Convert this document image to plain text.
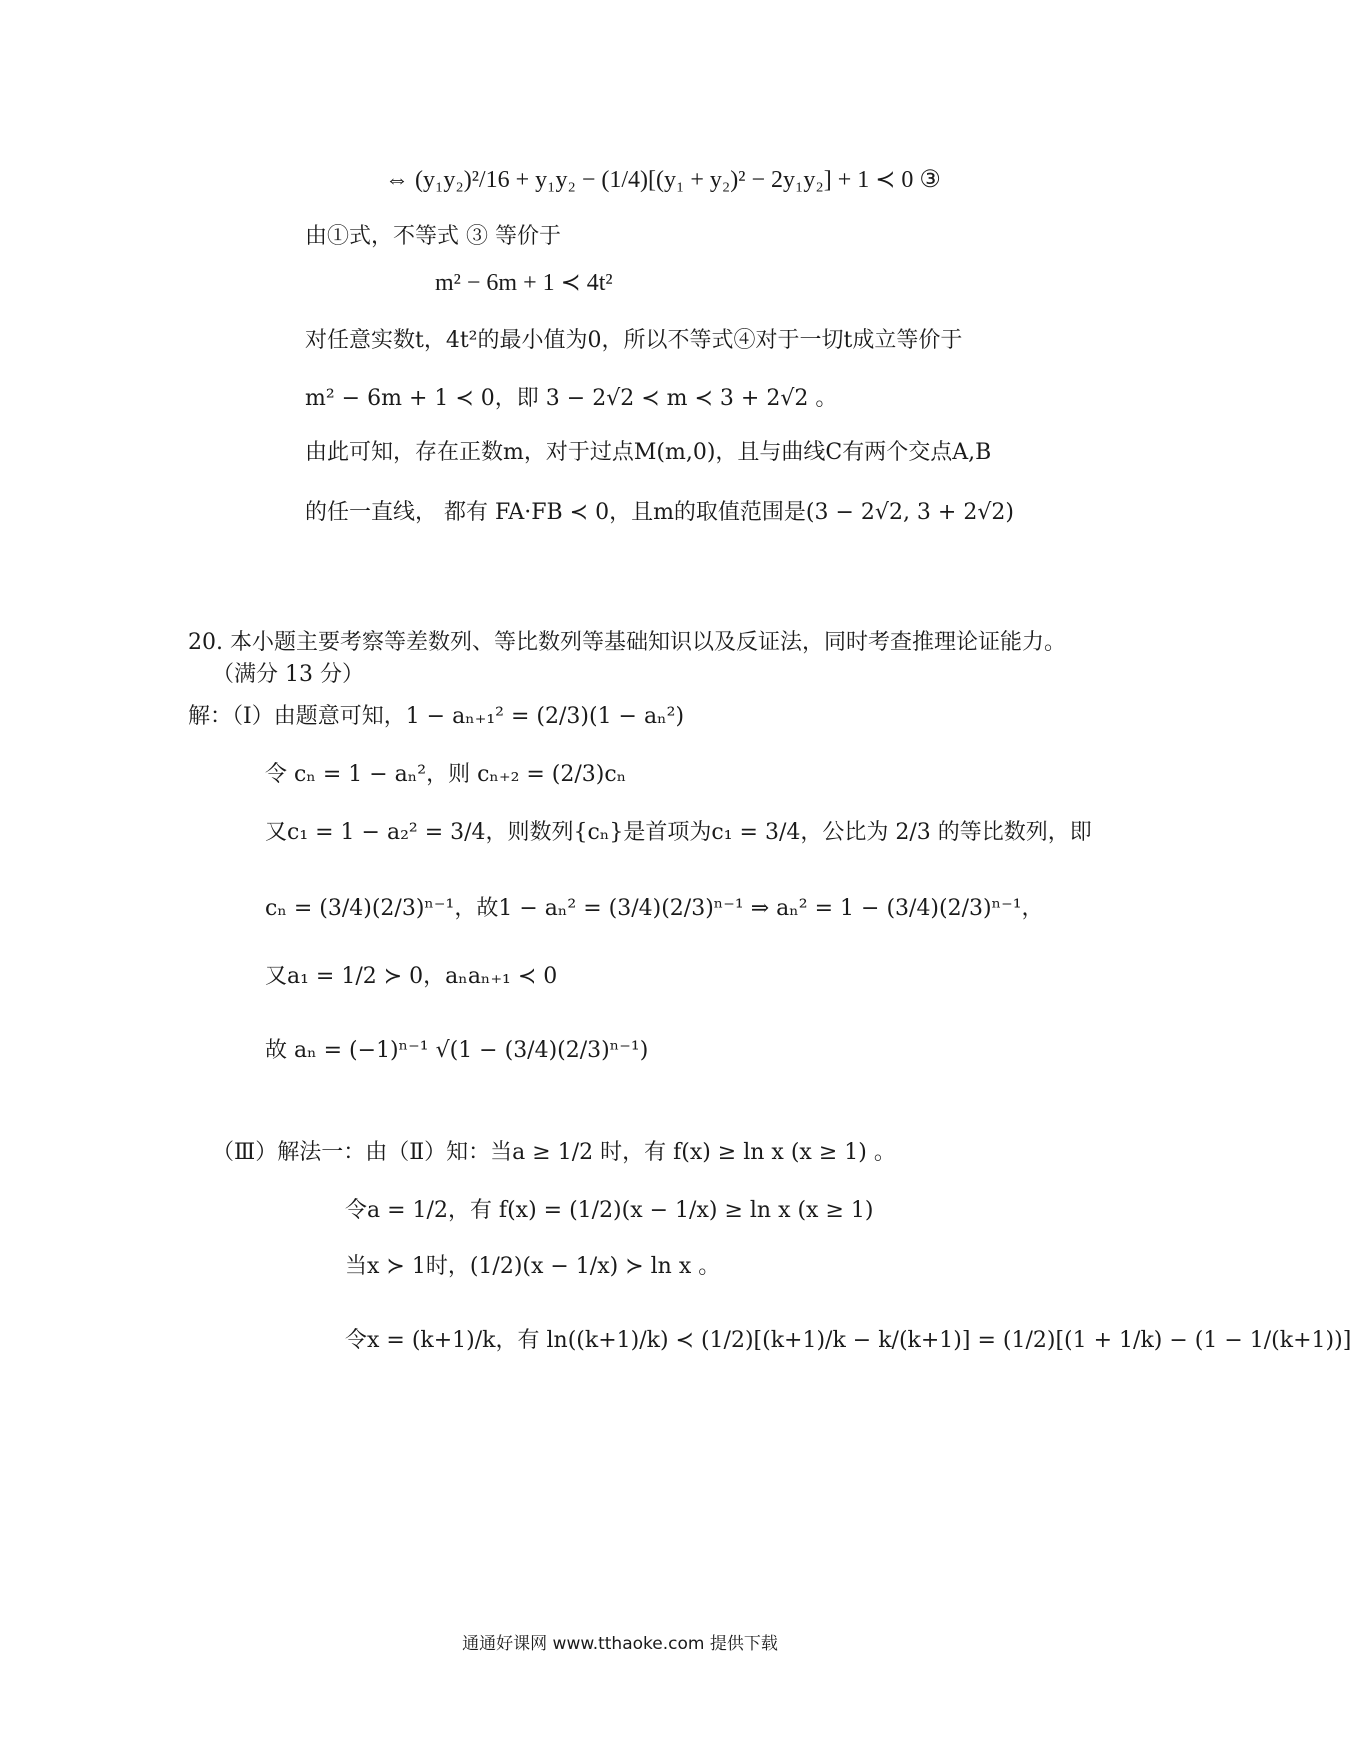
⇔ (y₁y₂)²/16 + y₁y₂ − (1/4)[(y₁ + y₂)² − 2y₁y₂] + 1 ≺ 0 ③
由①式，不等式 ③ 等价于
m² − 6m + 1 ≺ 4t²
对任意实数t，4t²的最小值为0，所以不等式④对于一切t成立等价于
m² − 6m + 1 ≺ 0，即 3 − 2√2 ≺ m ≺ 3 + 2√2 。
由此可知，存在正数m，对于过点M(m,0)，且与曲线C有两个交点A,B
的任一直线， 都有 FA·FB ≺ 0，且m的取值范围是(3 − 2√2, 3 + 2√2)
20. 本小题主要考察等差数列、等比数列等基础知识以及反证法，同时考查推理论证能力。
（满分 13 分）
解：（Ⅰ）由题意可知，1 − aₙ₊₁² = (2/3)(1 − aₙ²)
令 cₙ = 1 − aₙ²，则 cₙ₊₂ = (2/3)cₙ
又c₁ = 1 − a₂² = 3/4，则数列{cₙ}是首项为c₁ = 3/4，公比为 2/3 的等比数列，即
cₙ = (3/4)(2/3)ⁿ⁻¹，故1 − aₙ² = (3/4)(2/3)ⁿ⁻¹ ⇒ aₙ² = 1 − (3/4)(2/3)ⁿ⁻¹，
又a₁ = 1/2 ≻ 0，aₙaₙ₊₁ ≺ 0
故 aₙ = (−1)ⁿ⁻¹ √(1 − (3/4)(2/3)ⁿ⁻¹)
（Ⅲ）解法一：由（Ⅱ）知：当a ≥ 1/2 时，有 f(x) ≥ ln x (x ≥ 1) 。
令a = 1/2，有 f(x) = (1/2)(x − 1/x) ≥ ln x (x ≥ 1)
当x ≻ 1时，(1/2)(x − 1/x) ≻ ln x 。
令x = (k+1)/k，有 ln((k+1)/k) ≺ (1/2)[(k+1)/k − k/(k+1)] = (1/2)[(1 + 1/k) − (1 − 1/(k+1))]
通通好课网 www.tthaoke.com 提供下载
